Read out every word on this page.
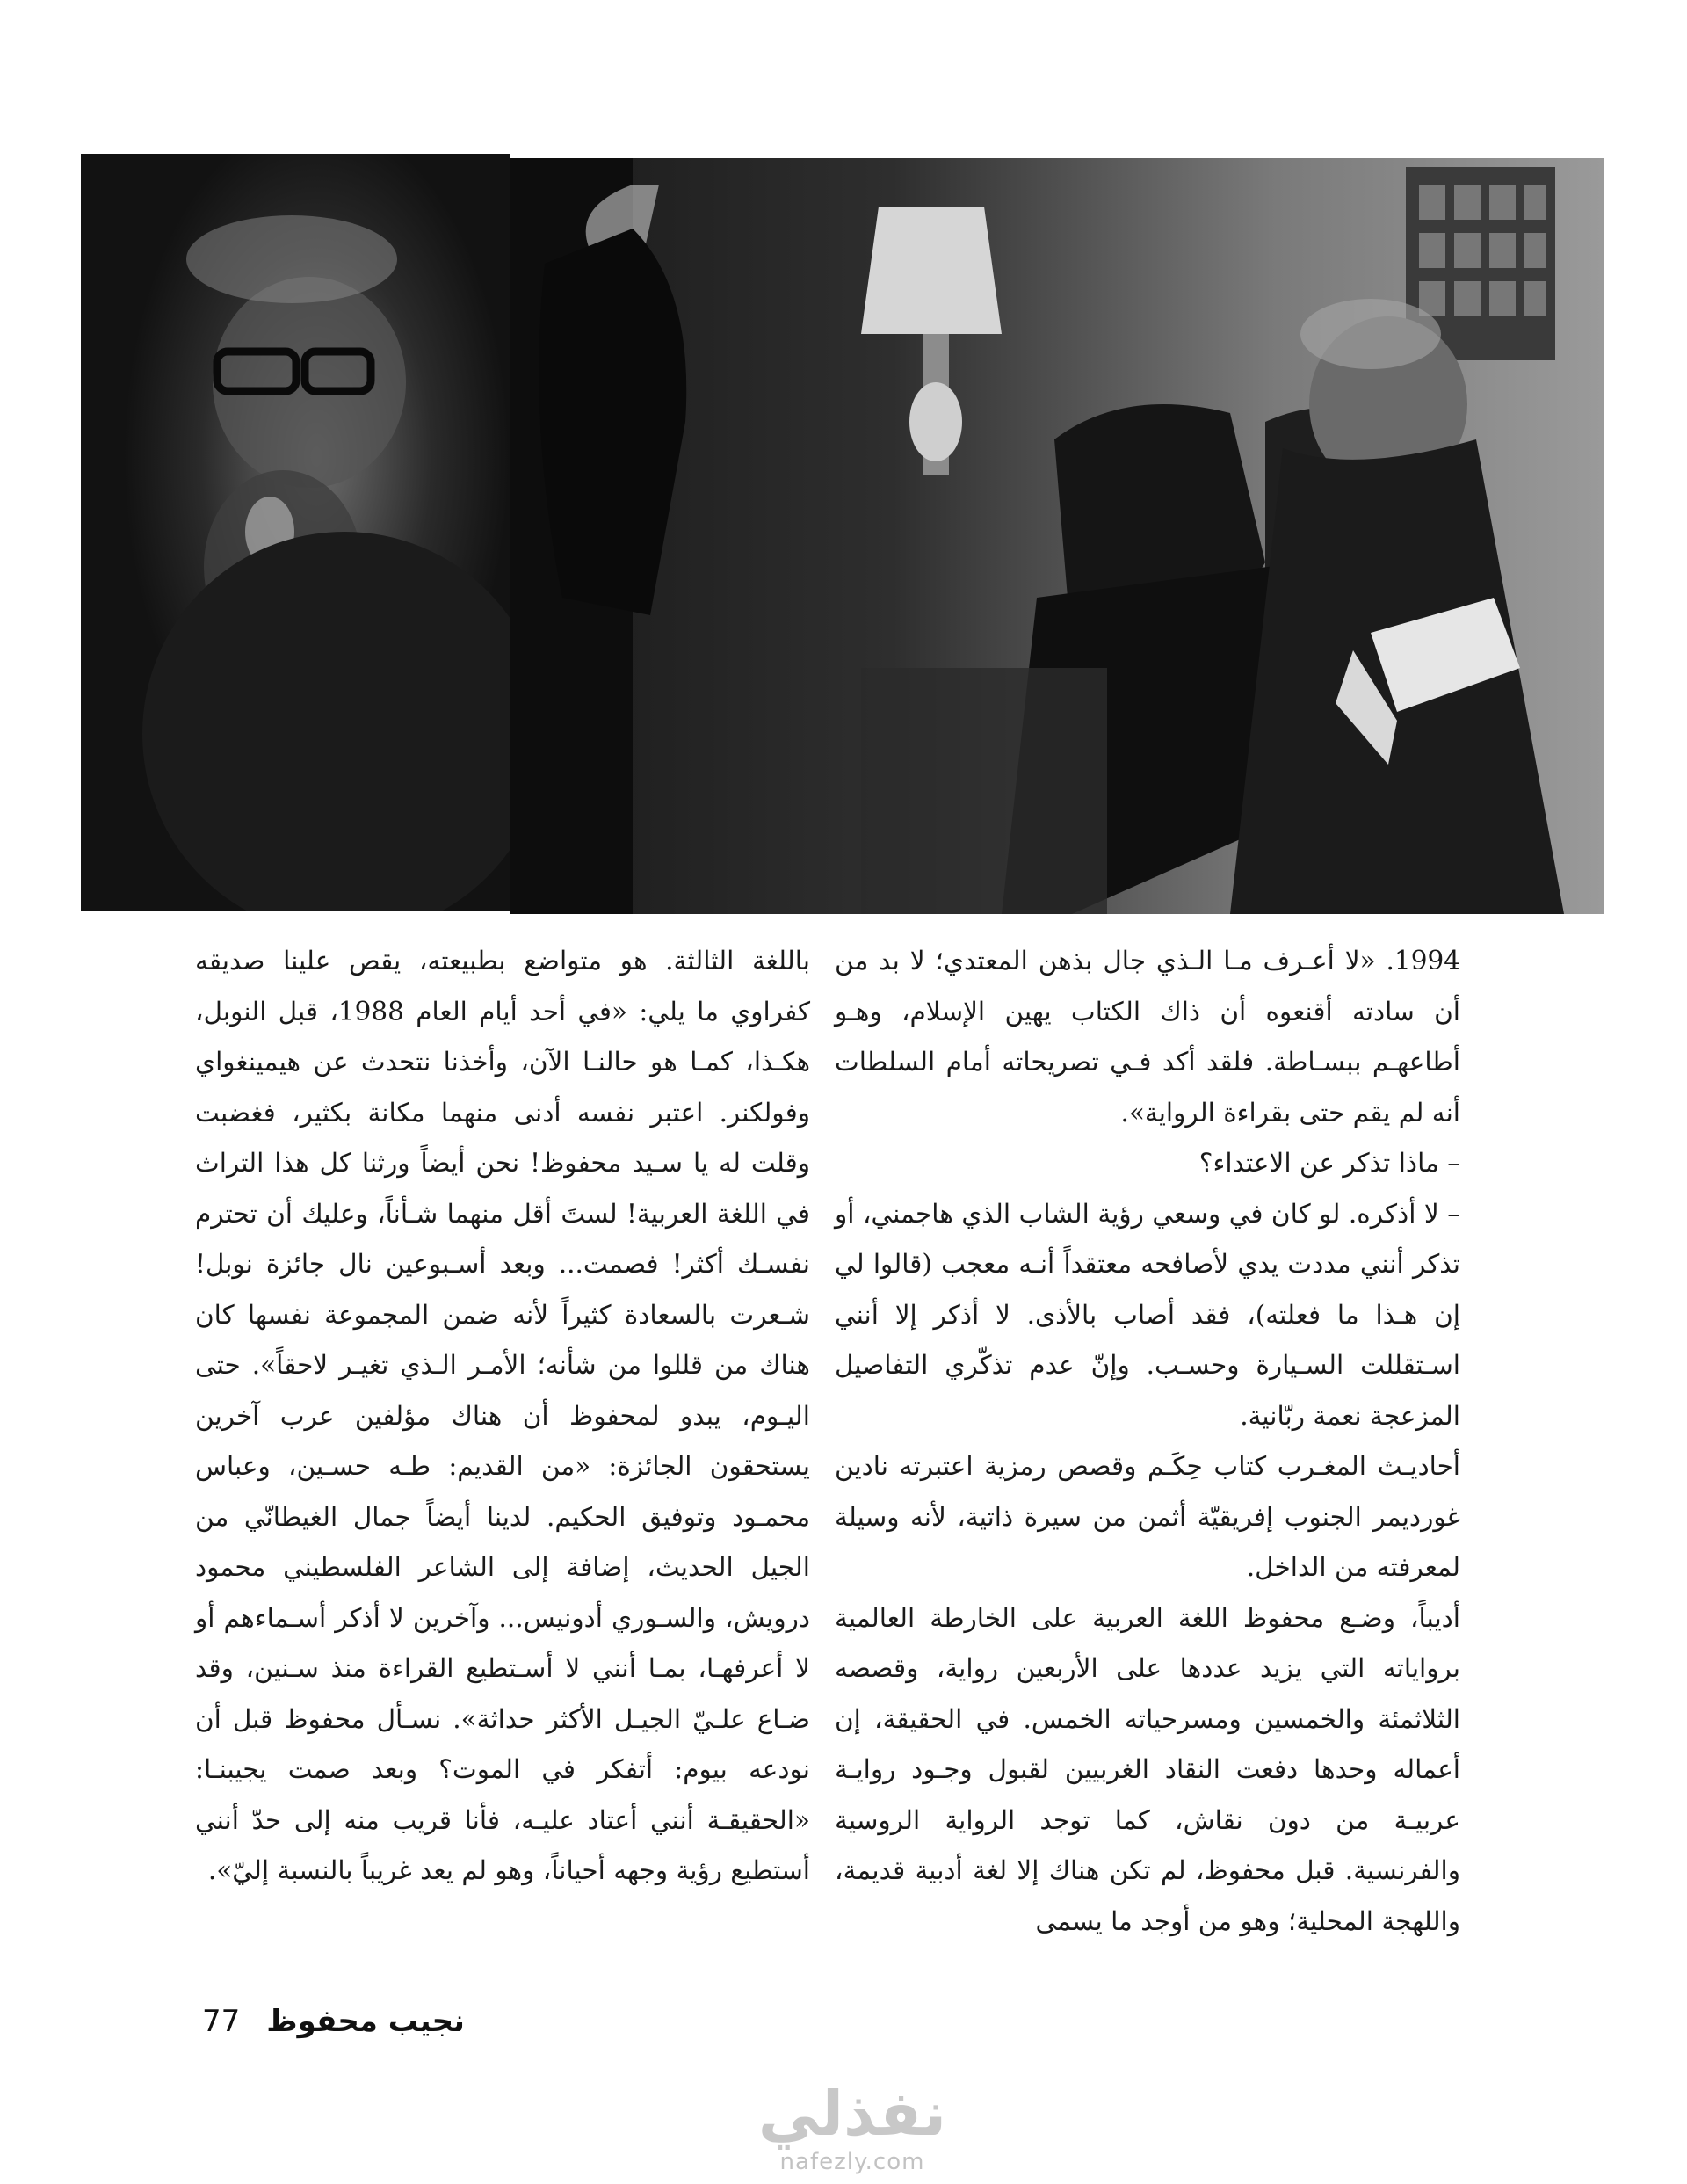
1994. «لا أعـرف مـا الـذي جال بذهن المعتدي؛ لا بد من أن سادته أقنعوه أن ذاك الكتاب يهين الإسلام، وهـو أطاعهـم ببسـاطة. فلقد أكد فـي تصريحاته أمام السلطات أنه لم يقم حتى بقراءة الرواية».

– ماذا تذكر عن الاعتداء؟

– لا أذكره. لو كان في وسعي رؤية الشاب الذي هاجمني، أو تذكر أنني مددت يدي لأصافحه معتقداً أنـه معجب (قالوا لي إن هـذا ما فعلته)، فقد أصاب بالأذى. لا أذكر إلا أنني اسـتقللت السـيارة وحسـب. وإنّ عدم تذكّري التفاصيل المزعجة نعمة ربّانية.

أحاديـث المغـرب كتاب حِكَـم وقصص رمزية اعتبرته نادين غورديمر الجنوب إفريقيّة أثمن من سيرة ذاتية، لأنه وسيلة لمعرفته من الداخل.

أديباً، وضـع محفوظ اللغة العربية على الخارطة العالمية برواياته التي يزيد عددها على الأربعين رواية، وقصصه الثلاثمئة والخمسين ومسرحياته الخمس. في الحقيقة، إن أعماله وحدها دفعت النقاد الغربيين لقبول وجـود روايـة عربيـة من دون نقاش، كما توجد الرواية الروسية والفرنسية. قبل محفوظ، لم تكن هناك إلا لغة أدبية قديمة، واللهجة المحلية؛ وهو من أوجد ما يسمى

باللغة الثالثة. هو متواضع بطبيعته، يقص علينا صديقه كفراوي ما يلي: «في أحد أيام العام 1988، قبل النوبل، هكـذا، كمـا هو حالنـا الآن، وأخذنا نتحدث عن هيمينغواي وفولكنر. اعتبر نفسه أدنى منهما مكانة بكثير، فغضبت وقلت له يا سـيد محفوظ! نحن أيضاً ورثنا كل هذا التراث في اللغة العربية! لستَ أقل منهما شـأناً، وعليك أن تحترم نفسـك أكثر! فصمت... وبعد أسـبوعين نال جائزة نوبل! شـعرت بالسعادة كثيراً لأنه ضمن المجموعة نفسها كان هناك من قللوا من شأنه؛ الأمـر الـذي تغيـر لاحقاً». حتى اليـوم، يبدو لمحفوظ أن هناك مؤلفين عرب آخرين يستحقون الجائزة: «من القديم: طـه حسـين، وعباس محمـود وتوفيق الحكيم. لدينا أيضاً جمال الغيطانّي من الجيل الحديث، إضافة إلى الشاعر الفلسطيني محمود درويش، والسـوري أدونيس... وآخرين لا أذكر أسـماءهم أو لا أعرفهـا، بمـا أنني لا أسـتطيع القراءة منذ سـنين، وقد ضـاع علـيّ الجيـل الأكثر حداثة». نسـأل محفوظ قبل أن نودعه بيوم: أتفكر في الموت؟ وبعد صمت يجيبنـا: «الحقيقـة أنني أعتاد عليـه، فأنا قريب منه إلى حدّ أنني أستطيع رؤية وجهه أحياناً، وهو لم يعد غريباً بالنسبة إليّ».

77 نجيب محفوظ
نفذلي
nafezly.com
